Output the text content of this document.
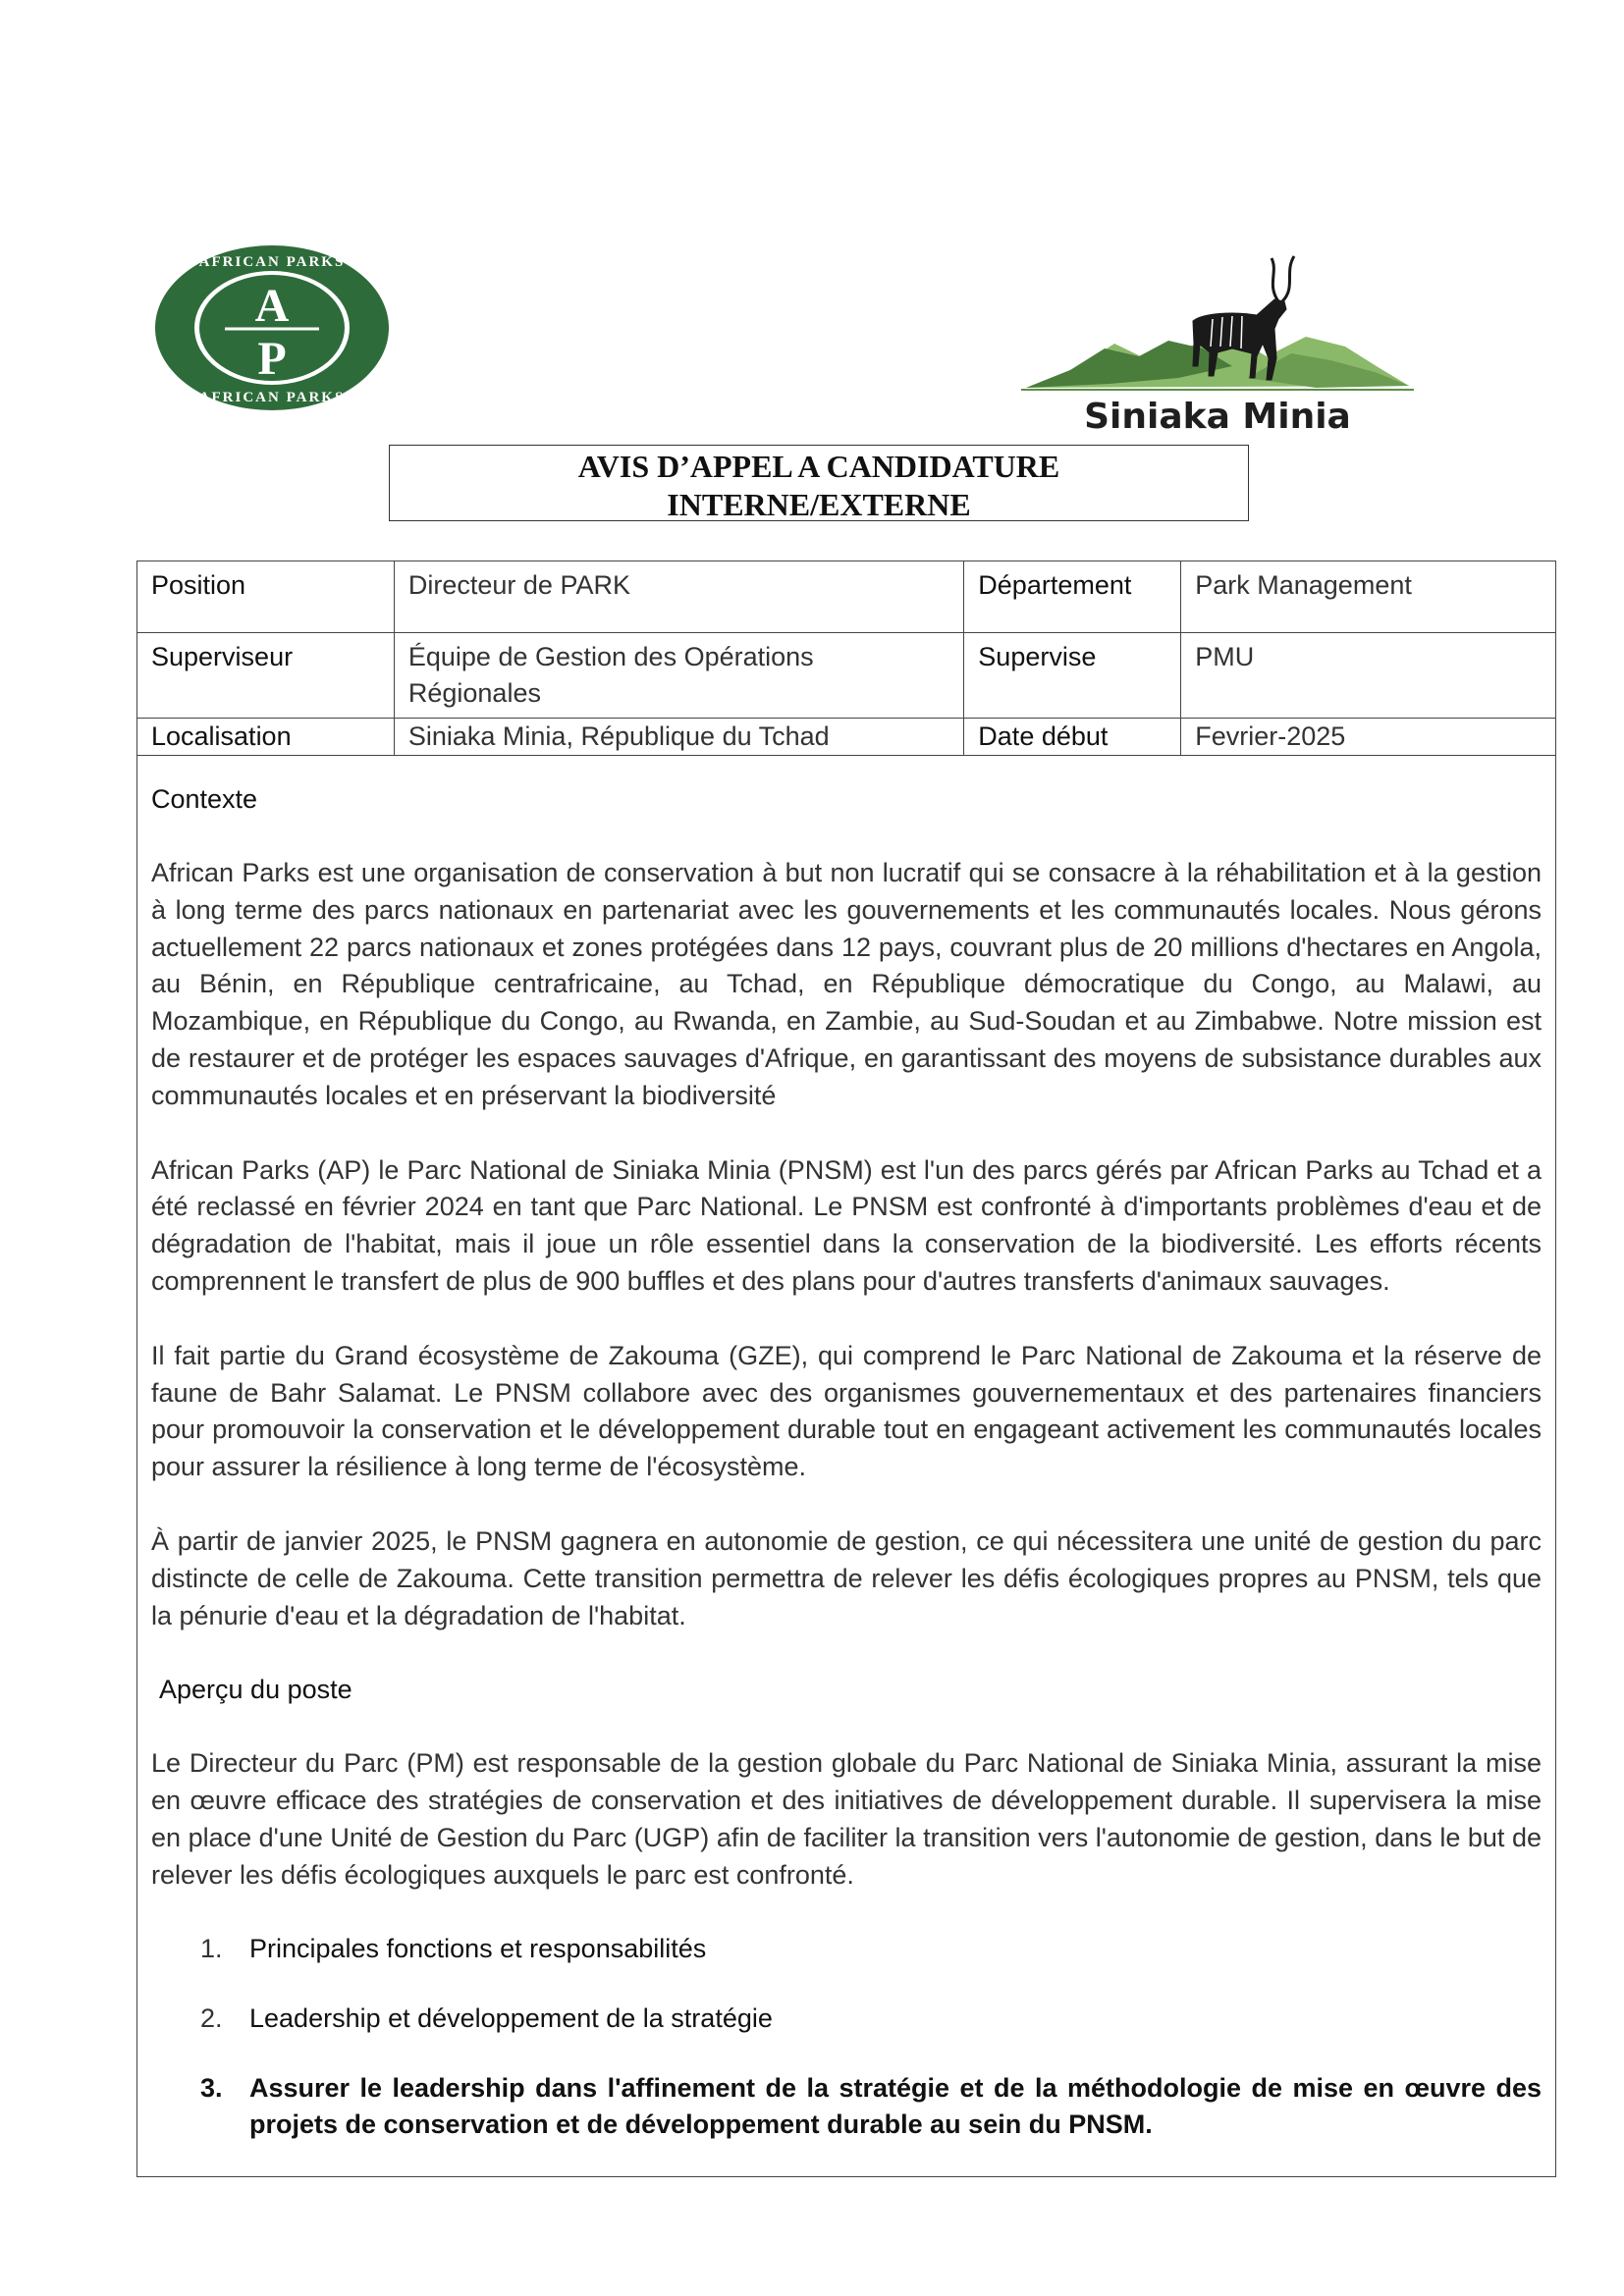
AFRICAN PARKS
AFRICAN PARKS
A
P
Siniaka Minia
AVIS D’APPEL A CANDIDATURE
INTERNE/EXTERNE
Position	Directeur de PARK	Département	Park Management
Superviseur	Équipe de Gestion des Opérations Régionales	Supervise	PMU
Localisation	Siniaka Minia, République du Tchad	Date début	Fevrier-2025

Contexte

African Parks est une organisation de conservation à but non lucratif qui se consacre à la réhabilitation et à la gestion à long terme des parcs nationaux en partenariat avec les gouvernements et les communautés locales. Nous gérons actuellement 22 parcs nationaux et zones protégées dans 12 pays, couvrant plus de 20 millions d'hectares en Angola, au Bénin, en République centrafricaine, au Tchad, en République démocratique du Congo, au Malawi, au Mozambique, en République du Congo, au Rwanda, en Zambie, au Sud-Soudan et au Zimbabwe. Notre mission est de restaurer et de protéger les espaces sauvages d'Afrique, en garantissant des moyens de subsistance durables aux communautés locales et en préservant la biodiversité

African Parks (AP) le Parc National de Siniaka Minia (PNSM) est l'un des parcs gérés par African Parks au Tchad et a été reclassé en février 2024 en tant que Parc National. Le PNSM est confronté à d'importants problèmes d'eau et de dégradation de l'habitat, mais il joue un rôle essentiel dans la conservation de la biodiversité. Les efforts récents comprennent le transfert de plus de 900 buffles et des plans pour d'autres transferts d'animaux sauvages.

Il fait partie du Grand écosystème de Zakouma (GZE), qui comprend le Parc National de Zakouma et la réserve de faune de Bahr Salamat. Le PNSM collabore avec des organismes gouvernementaux et des partenaires financiers pour promouvoir la conservation et le développement durable tout en engageant activement les communautés locales pour assurer la résilience à long terme de l'écosystème.

À partir de janvier 2025, le PNSM gagnera en autonomie de gestion, ce qui nécessitera une unité de gestion du parc distincte de celle de Zakouma. Cette transition permettra de relever les défis écologiques propres au PNSM, tels que la pénurie d'eau et la dégradation de l'habitat.

Aperçu du poste

Le Directeur du Parc (PM) est responsable de la gestion globale du Parc National de Siniaka Minia, assurant la mise en œuvre efficace des stratégies de conservation et des initiatives de développement durable. Il supervisera la mise en place d'une Unité de Gestion du Parc (UGP) afin de faciliter la transition vers l'autonomie de gestion, dans le but de relever les défis écologiques auxquels le parc est confronté.

1. Principales fonctions et responsabilités
2. Leadership et développement de la stratégie
3. Assurer le leadership dans l'affinement de la stratégie et de la méthodologie de mise en œuvre des projets de conservation et de développement durable au sein du PNSM.
